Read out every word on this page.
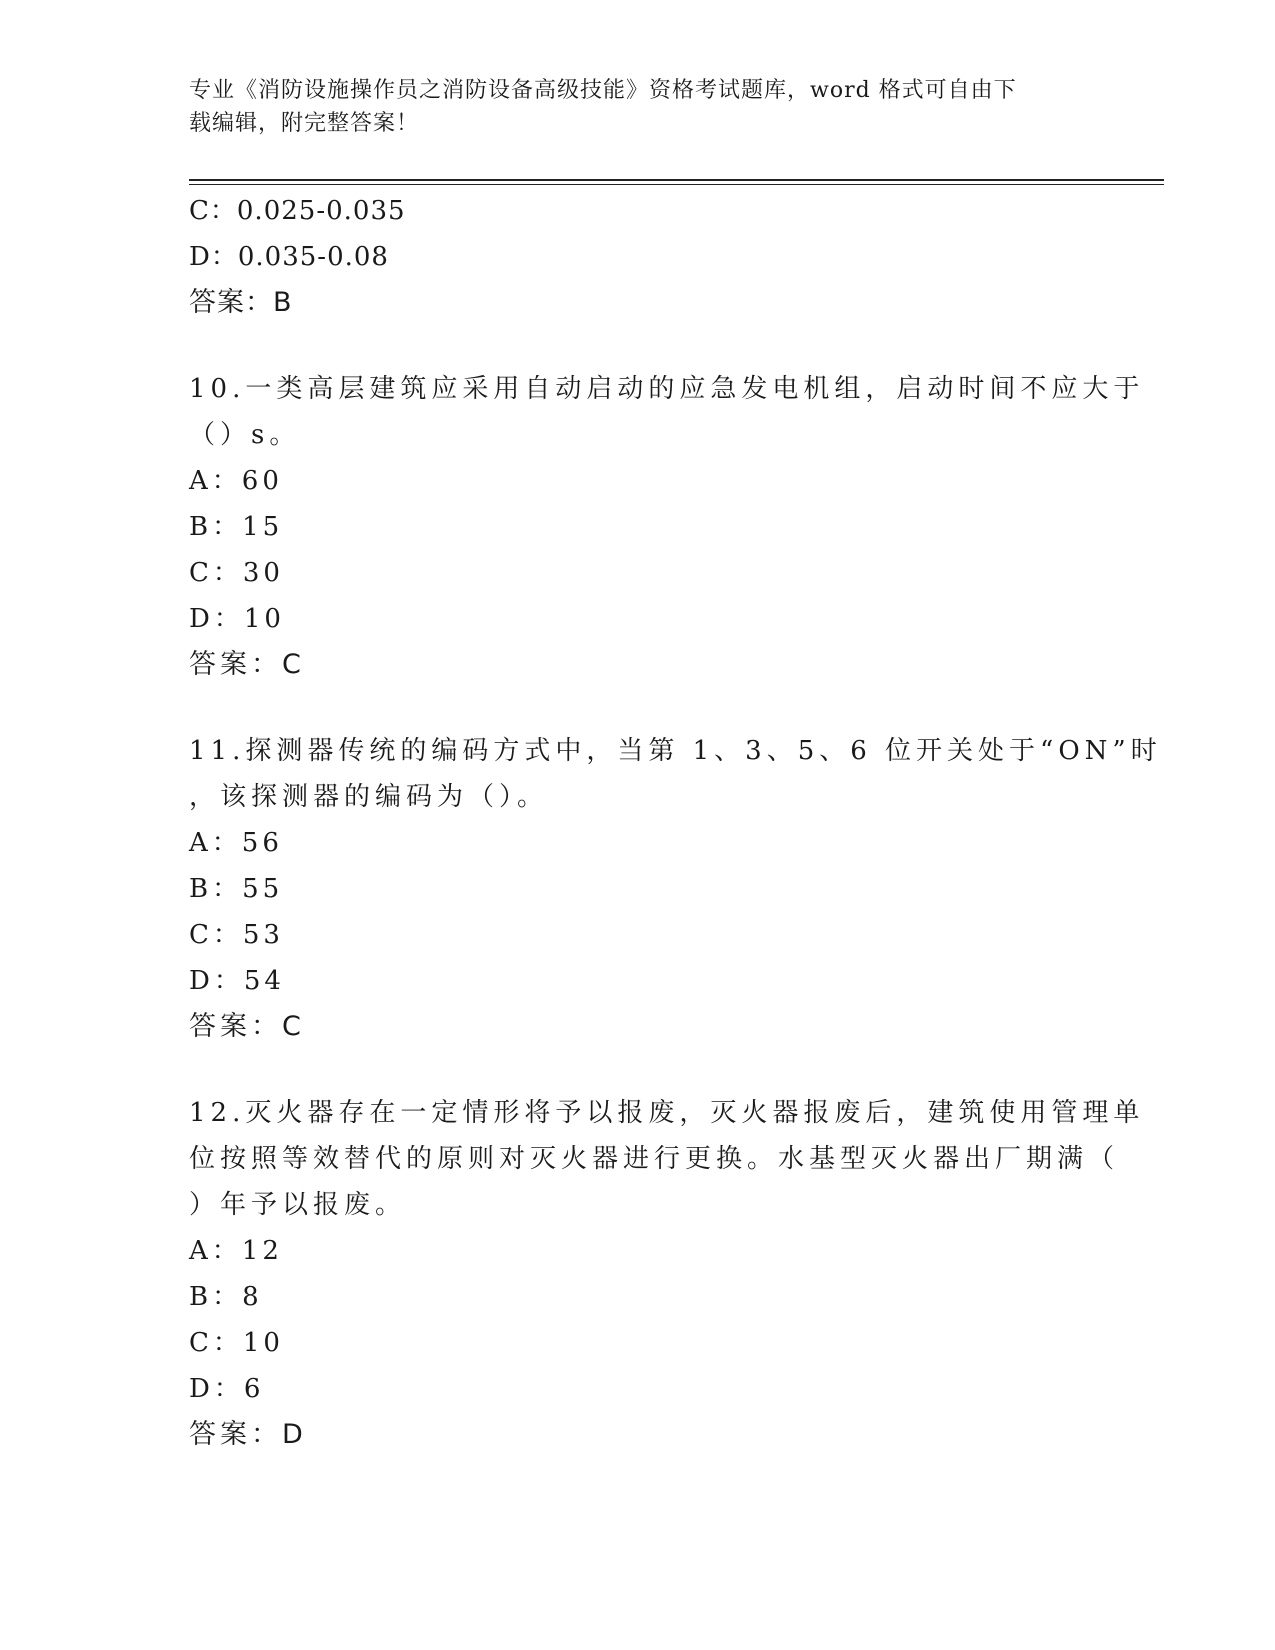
专业《消防设施操作员之消防设备高级技能》资格考试题库，word 格式可自由下
载编辑，附完整答案！
C：0.025-0.035
D：0.035-0.08
答案：B
10.一类高层建筑应采用自动启动的应急发电机组，启动时间不应大于
（）s。
A：60
B：15
C：30
D：10
答案：C
11.探测器传统的编码方式中，当第 1、3、5、6 位开关处于“ON”时
，该探测器的编码为（）。
A：56
B：55
C：53
D：54
答案：C
12.灭火器存在一定情形将予以报废，灭火器报废后，建筑使用管理单
位按照等效替代的原则对灭火器进行更换。水基型灭火器出厂期满（
）年予以报废。
A：12
B：8
C：10
D：6
答案：D
